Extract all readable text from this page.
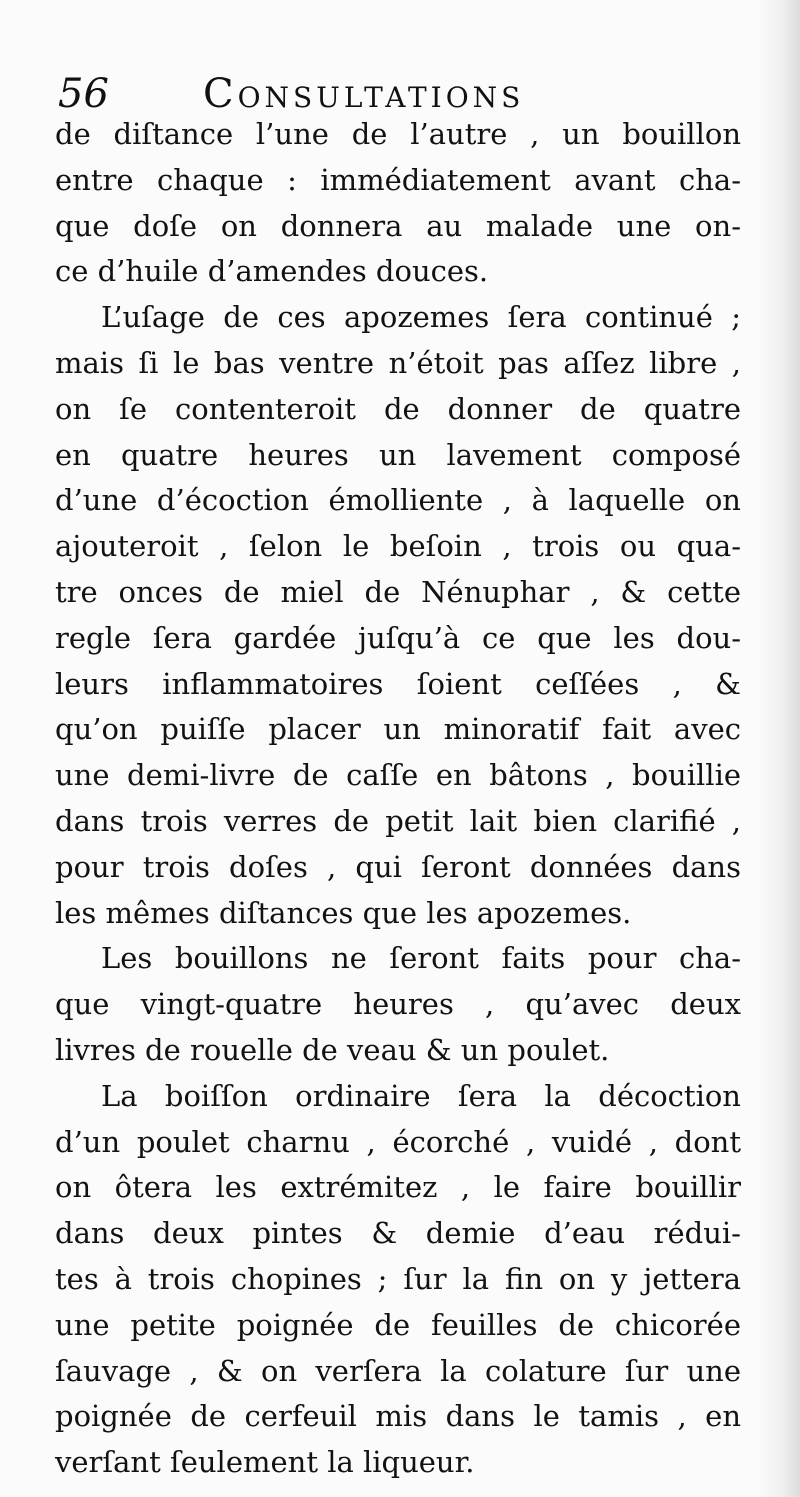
56 Consultations
de diſtance l’une de l’autre , un bouillon
entre chaque : immédiatement avant cha-
que doſe on donnera au malade une on-
ce d’huile d’amendes douces.
L’uſage de ces apozemes ſera continué ;
mais ſi le bas ventre n’étoit pas aſſez libre ,
on ſe contenteroit de donner de quatre
en quatre heures un lavement composé
d’une d’écoction émolliente , à laquelle on
ajouteroit , ſelon le beſoin , trois ou qua-
tre onces de miel de Nénuphar , & cette
regle ſera gardée juſqu’à ce que les dou-
leurs inflammatoires ſoient ceſſées , &
qu’on puiſſe placer un minoratif fait avec
une demi-livre de caſſe en bâtons , bouillie
dans trois verres de petit lait bien clarifié ,
pour trois doſes , qui ſeront données dans
les mêmes diſtances que les apozemes.
Les bouillons ne ſeront faits pour cha-
que vingt-quatre heures , qu’avec deux
livres de rouelle de veau & un poulet.
La boiſſon ordinaire ſera la décoction
d’un poulet charnu , écorché , vuidé , dont
on ôtera les extrémitez , le faire bouillir
dans deux pintes & demie d’eau rédui-
tes à trois chopines ; ſur la fin on y jettera
une petite poignée de feuilles de chicorée
ſauvage , & on verſera la colature ſur une
poignée de cerfeuil mis dans le tamis , en
verſant ſeulement la liqueur.
